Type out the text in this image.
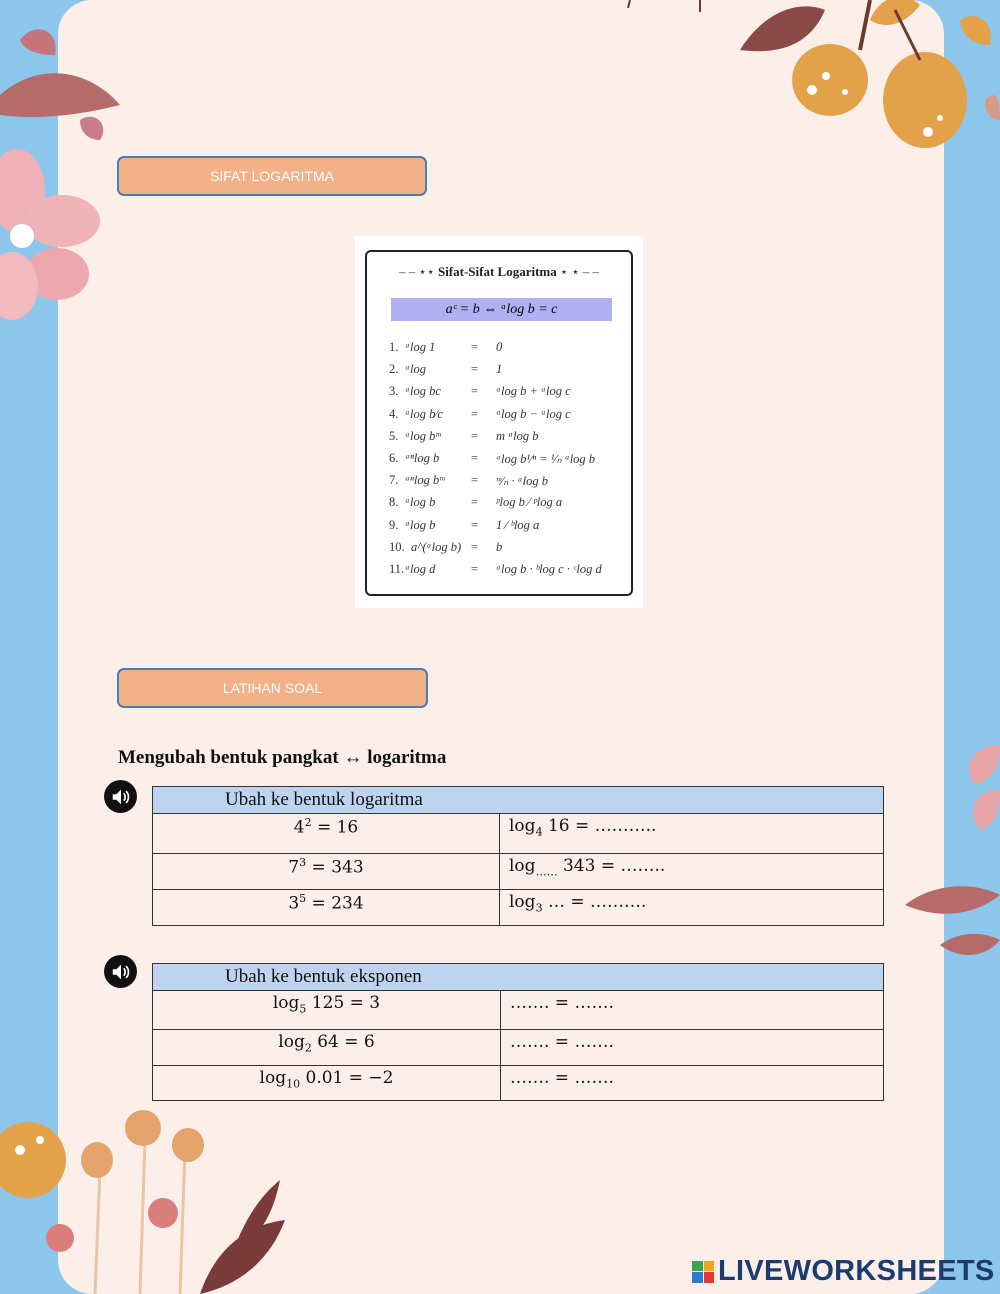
SIFAT LOGARITMA
– – ⋆⋆ Sifat-Sifat Logaritma ⋆ ⋆ – –
aᶜ = b ⇔ ᵃlog b = c
1. ᵃlog 1	= 0
2. ᵃlog	= 1
3. ᵃlog bc = ᵃlog b + ᵃlog c
4. ᵃlog b⁄c = ᵃlog b − ᵃlog c
5. ᵃlog bᵐ = m ᵃlog b
6. ᵃⁿlog b	= ᵃlog b¹⁄ⁿ = ¹⁄ₙ ᵃlog b
7. ᵃⁿlog bᵐ = ᵐ⁄ₙ · ᵃlog b
8. ᵃlog b	= ᵖlog b ⁄ ᵖlog a
9. ᵃlog b	= 1 ⁄ ᵇlog a
10. a^(ᵃlog b) = b
11. ᵃlog d	= ᵃlog b · ᵇlog c · ᶜlog d
LATIHAN SOAL
Mengubah bentuk pangkat ↔ logaritma
Ubah ke bentuk logaritma	

$4^2 = 16$	$\log_4 16$ = ………..

$7^3 = 343$	$\log_{\dots\dots} 343$ = ……..

$3^5 = 234$	$\log_3$ … = ……….
Ubah ke bentuk eksponen	

$\log_5 125 = 3$	……. = …….

$\log_2 64 = 6$	……. = …….

$\log_{10} 0.01 = -2$	……. = …….
LIVEWORKSHEETS
